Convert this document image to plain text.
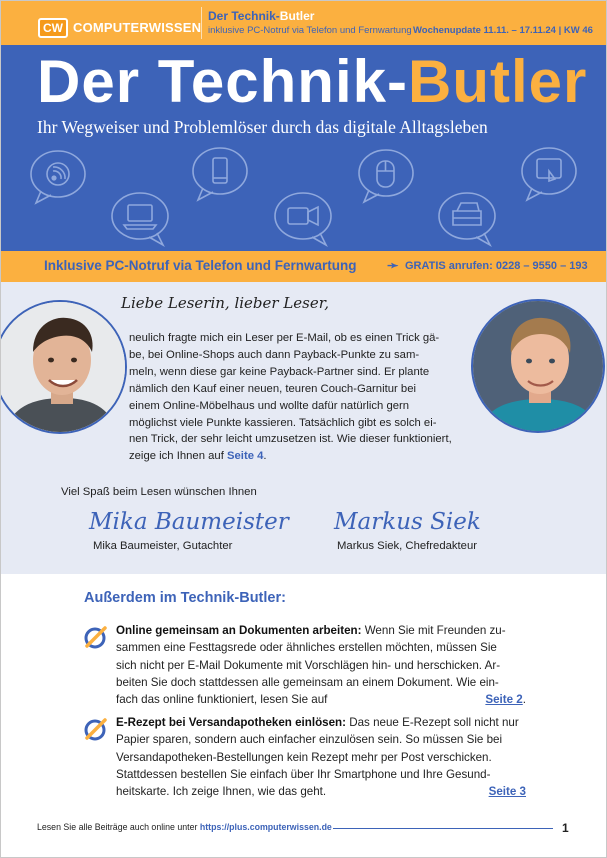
CW COMPUTERWISSEN
Der Technik-Butler
inklusive PC-Notruf via Telefon und Fernwartung Wochenupdate 11.11. – 17.11.24 | KW 46
Der Technik-Butler
Ihr Wegweiser und Problemlöser durch das digitale Alltagsleben
Inklusive PC-Notruf via Telefon und Fernwartung ➛ GRATIS anrufen: 0228 – 9550 – 193
Liebe Leserin, lieber Leser,
neulich fragte mich ein Leser per E-Mail, ob es einen Trick gä-
be, bei Online-Shops auch dann Payback-Punkte zu sam-
meln, wenn diese gar keine Payback-Partner sind. Er plante
nämlich den Kauf einer neuen, teuren Couch-Garnitur bei
einem Online-Möbelhaus und wollte dafür natürlich gern
möglichst viele Punkte kassieren. Tatsächlich gibt es solch ei-
nen Trick, der sehr leicht umzusetzen ist. Wie dieser funktioniert,
zeige ich Ihnen auf Seite 4.
Viel Spaß beim Lesen wünschen Ihnen
Mika Baumeister Markus Siek
Mika Baumeister, Gutachter	Markus Siek, Chefredakteur
Außerdem im Technik-Butler:
Online gemeinsam an Dokumenten arbeiten: Wenn Sie mit Freunden zu-
sammen eine Festtagsrede oder ähnliches erstellen möchten, müssen Sie
sich nicht per E-Mail Dokumente mit Vorschlägen hin- und herschicken. Ar-
beiten Sie doch stattdessen alle gemeinsam an einem Dokument. Wie ein-
fach das online funktioniert, lesen Sie auf	Seite 2.
E-Rezept bei Versandapotheken einlösen: Das neue E-Rezept soll nicht nur
Papier sparen, sondern auch einfacher einzulösen sein. So müssen Sie bei
Versandapotheken-Bestellungen kein Rezept mehr per Post verschicken.
Stattdessen bestellen Sie einfach über Ihr Smartphone und Ihre Gesund-
heitskarte. Ich zeige Ihnen, wie das geht.	Seite 3
Lesen Sie alle Beiträge auch online unter https://plus.computerwissen.de	1
